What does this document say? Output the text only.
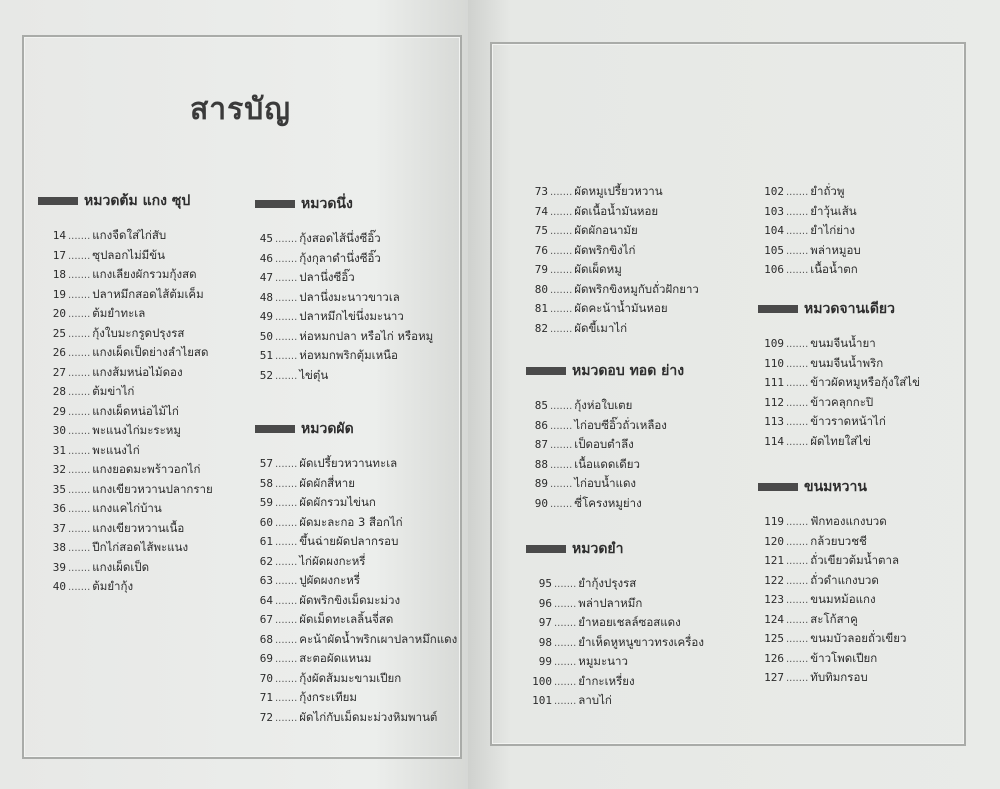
สารบัญ
หมวดต้ม แกง ซุป
14 ....... แกงจืดใส่ไก่สับ
17 ....... ซุปลอกไม่มีข้น
18 ....... แกงเลียงผักรวมกุ้งสด
19 ....... ปลาหมึกสอดไส้ต้มเค็ม
20 ....... ต้มยำทะเล
25 ....... กุ้งใบมะกรูดปรุงรส
26 ....... แกงเผ็ดเป็ดย่างลำไยสด
27 ....... แกงส้มหน่อไม้ดอง
28 ....... ต้มข่าไก่
29 ....... แกงเผ็ดหน่อไม้ไก่
30 ....... พะแนงไก่มะระหมู
31 ....... พะแนงไก่
32 ....... แกงยอดมะพร้าวอกไก่
35 ....... แกงเขียวหวานปลากราย
36 ....... แกงแคไก่บ้าน
37 ....... แกงเขียวหวานเนื้อ
38 ....... ปีกไก่สอดไส้พะแนง
39 ....... แกงเผ็ดเป็ด
40 ....... ต้มยำกุ้ง
หมวดนึ่ง
45 ....... กุ้งสอดไส้นึ่งซีอิ๊ว
46 ....... กุ้งกุลาดำนึ่งซีอิ๊ว
47 ....... ปลานึ่งซีอิ๊ว
48 ....... ปลานึ่งมะนาวขาวเล
49 ....... ปลาหมึกไข่นึ่งมะนาว
50 ....... ห่อหมกปลา หรือไก่ หรือหมู
51 ....... ห่อหมกพริกตุ้มเหนือ
52 ....... ไข่ตุ๋น
หมวดผัด
57 ....... ผัดเปรี้ยวหวานทะเล
58 ....... ผัดผักสี่หาย
59 ....... ผัดผักรวมไข่นก
60 ....... ผัดมะละกอ 3 สีอกไก่
61 ....... ขึ้นฉ่ายผัดปลากรอบ
62 ....... ไก่ผัดผงกะหรี่
63 ....... ปูผัดผงกะหรี่
64 ....... ผัดพริกขิงเม็ดมะม่วง
67 ....... ผัดเม็ดทะเลลิ้นจี่สด
68 ....... คะน้าผัดน้ำพริกเผาปลาหมึกแดง
69 ....... สะตอผัดแหนม
70 ....... กุ้งผัดส้มมะขามเปียก
71 ....... กุ้งกระเทียม
72 ....... ผัดไก่กับเม็ดมะม่วงหิมพานต์
73 ....... ผัดหมูเปรี้ยวหวาน
74 ....... ผัดเนื้อน้ำมันหอย
75 ....... ผัดผักอนามัย
76 ....... ผัดพริกขิงไก่
79 ....... ผัดเผ็ดหมู
80 ....... ผัดพริกขิงหมูกับถั่วฝักยาว
81 ....... ผัดคะน้าน้ำมันหอย
82 ....... ผัดขี้เมาไก่
หมวดอบ ทอด ย่าง
85 ....... กุ้งห่อใบเตย
86 ....... ไก่อบซีอิ๊วถั่วเหลือง
87 ....... เป็ดอบตำลึง
88 ....... เนื้อแดดเดียว
89 ....... ไก่อบน้ำแดง
90 ....... ซี่โครงหมูย่าง
หมวดยำ
95 ....... ยำกุ้งปรุงรส
96 ....... พล่าปลาหมึก
97 ....... ยำหอยเชลล์ซอสแดง
98 ....... ยำเห็ดหูหนูขาวทรงเครื่อง
99 ....... หมูมะนาว
100 ....... ยำกะเหรี่ยง
101 ....... ลาบไก่
102 ....... ยำถั่วพู
103 ....... ยำวุ้นเส้น
104 ....... ยำไก่ย่าง
105 ....... พล่าหมูอบ
106 ....... เนื้อน้ำตก
หมวดจานเดียว
109 ....... ขนมจีนน้ำยา
110 ....... ขนมจีนน้ำพริก
111 ....... ข้าวผัดหมูหรือกุ้งใส่ไข่
112 ....... ข้าวคลุกกะปิ
113 ....... ข้าวราดหน้าไก่
114 ....... ผัดไทยใส่ไข่
ขนมหวาน
119 ....... ฟักทองแกงบวด
120 ....... กล้วยบวชชี
121 ....... ถั่วเขียวต้มน้ำตาล
122 ....... ถั่วดำแกงบวด
123 ....... ขนมหม้อแกง
124 ....... สะโก้สาคู
125 ....... ขนมบัวลอยถั่วเขียว
126 ....... ข้าวโพดเปียก
127 ....... ทับทิมกรอบ
